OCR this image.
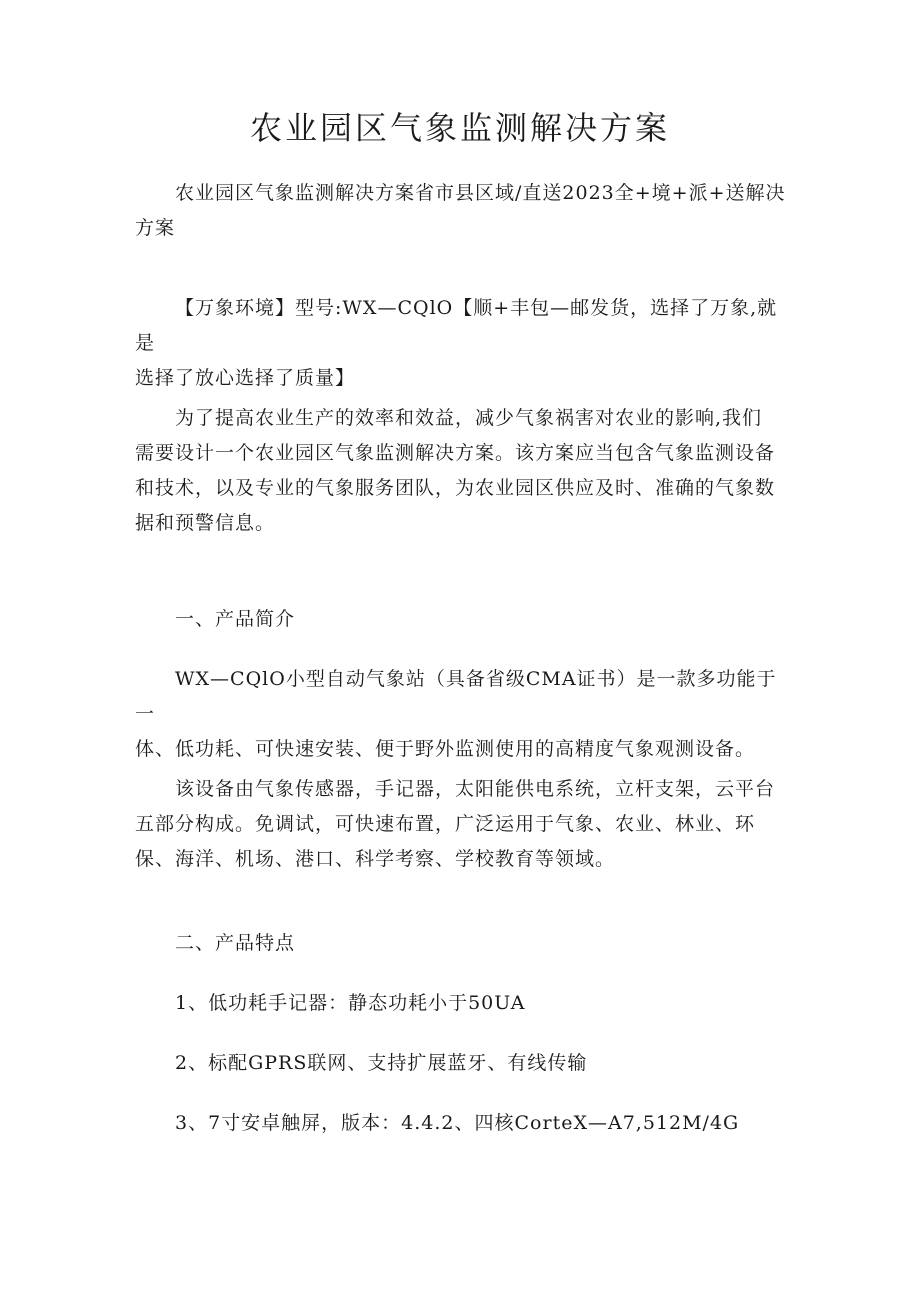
农业园区气象监测解决方案

农业园区气象监测解决方案省市县区域/直送2023全+境+派+送解决
方案

【万象环境】型号:WX—CQlO【顺+丰包—邮发货，选择了万象,就是
选择了放心选择了质量】

为了提高农业生产的效率和效益，减少气象祸害对农业的影响,我们
需要设计一个农业园区气象监测解决方案。该方案应当包含气象监测设备
和技术，以及专业的气象服务团队，为农业园区供应及时、准确的气象数
据和预警信息。

一、产品简介

WX—CQlO小型自动气象站（具备省级CMA证书）是一款多功能于一
体、低功耗、可快速安装、便于野外监测使用的高精度气象观测设备。

该设备由气象传感器，手记器，太阳能供电系统，立杆支架，云平台
五部分构成。免调试，可快速布置，广泛运用于气象、农业、林业、环
保、海洋、机场、港口、科学考察、学校教育等领域。

二、产品特点

1、低功耗手记器：静态功耗小于50UA

2、标配GPRS联网、支持扩展蓝牙、有线传输

3、7寸安卓触屏，版本：4.4.2、四核CorteX—A7,512M/4G
